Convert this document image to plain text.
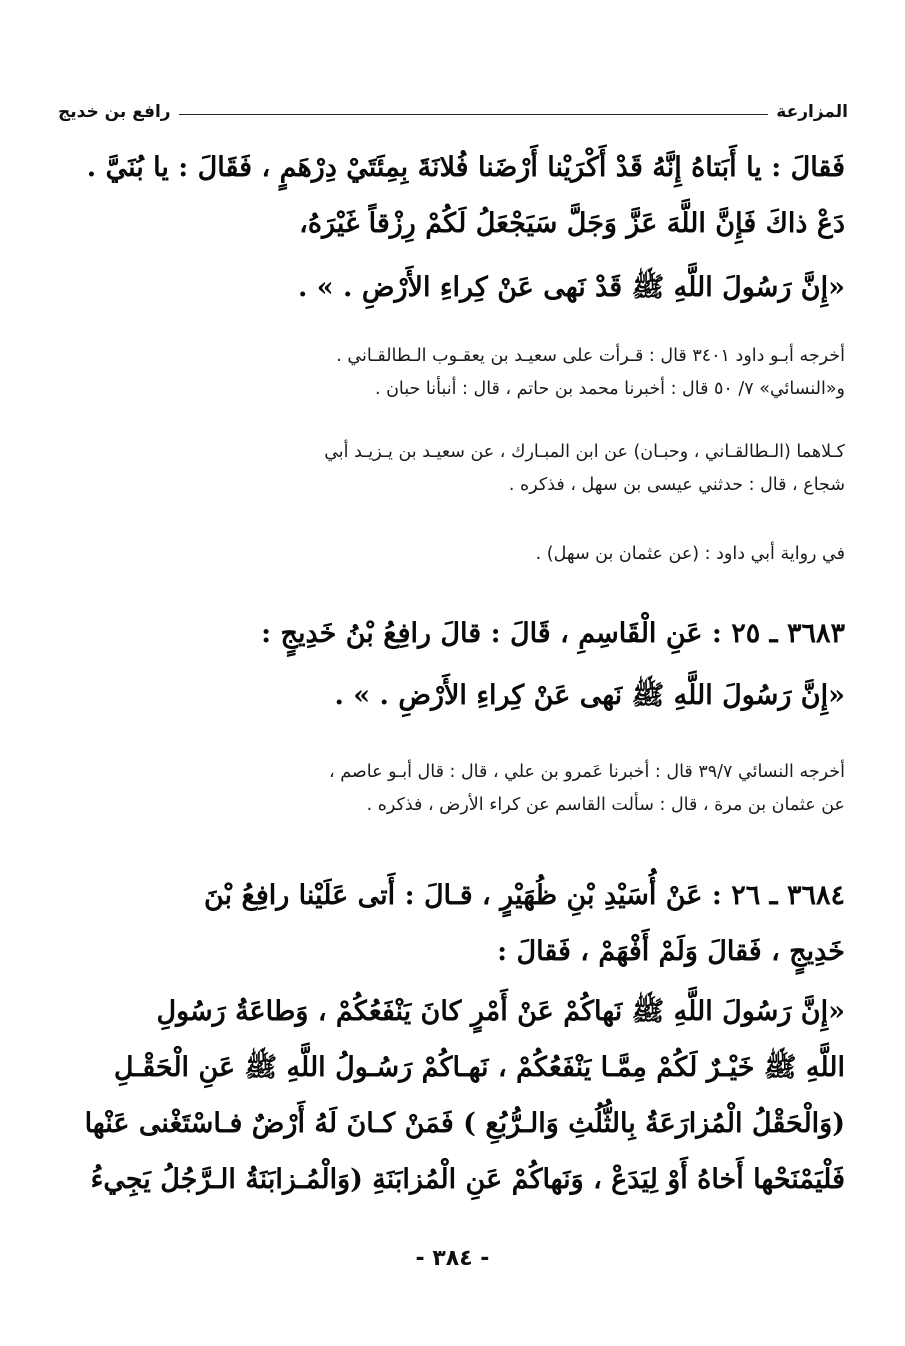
المزارعة
رافع بن خديج
فَقالَ : يا أَبَتاهُ إِنَّهُ قَدْ أَكْرَيْنا أَرْضَنا فُلانَةَ بِمِئَتَيْ دِرْهَمٍ ، فَقَالَ : يا بُنَيَّ .
دَعْ ذاكَ فَإِنَّ اللَّهَ عَزَّ وَجَلَّ سَيَجْعَلُ لَكُمْ رِزْقاً غَيْرَهُ،
«إِنَّ رَسُولَ اللَّهِ ﷺ قَدْ نَهى عَنْ كِراءِ الأَرْضِ . » .
أخرجه أبـو داود ٣٤٠١ قال : قـرأت على سعيـد بن يعقـوب الـطالقـاني .
و«النسائي» ٧/ ٥٠ قال : أخبرنا محمد بن حاتم ، قال : أنبأنا حبان .
كـلاهما (الـطالقـاني ، وحبـان) عن ابن المبـارك ، عن سعيـد بن يـزيـد أبي
شجاع ، قال : حدثني عيسى بن سهل ، فذكره .
في رواية أبي داود : (عن عثمان بن سهل) .
٣٦٨٣ ـ ٢٥ : عَنِ الْقَاسِمِ ، قَالَ : قالَ رافِعُ بْنُ خَدِيجٍ :
«إِنَّ رَسُولَ اللَّهِ ﷺ نَهى عَنْ كِراءِ الأَرْضِ . » .
أخرجه النسائي ٣٩/٧ قال : أخبرنا عَمرو بن علي ، قال : قال أبـو عاصم ،
عن عثمان بن مرة ، قال : سألت القاسم عن كراء الأرض ، فذكره .
٣٦٨٤ ـ ٢٦ : عَنْ أُسَيْدِ بْنِ ظُهَيْرٍ ، قـالَ : أَتى عَلَيْنا رافِعُ بْنَ
خَدِيجٍ ، فَقالَ وَلَمْ أَفْهَمْ ، فَقالَ :
«إِنَّ رَسُولَ اللَّهِ ﷺ نَهاكُمْ عَنْ أَمْرٍ كانَ يَنْفَعُكُمْ ، وَطاعَةُ رَسُولِ
اللَّهِ ﷺ خَيْـرٌ لَكُمْ مِمَّـا يَنْفَعُكُمْ ، نَهـاكُمْ رَسُـولُ اللَّهِ ﷺ عَنِ الْحَقْـلِ
(وَالْحَقْلُ الْمُزارَعَةُ بِالثُّلُثِ وَالـرُّبُعِ ) فَمَنْ كـانَ لَهُ أَرْضٌ فـاسْتَغْنى عَنْها
فَلْيَمْنَحْها أَخاهُ أَوْ لِيَدَعْ ، وَنَهاكُمْ عَنِ الْمُزابَنَةِ (وَالْمُـزابَنَةُ الـرَّجُلُ يَجِيءُ
- ٣٨٤ -
